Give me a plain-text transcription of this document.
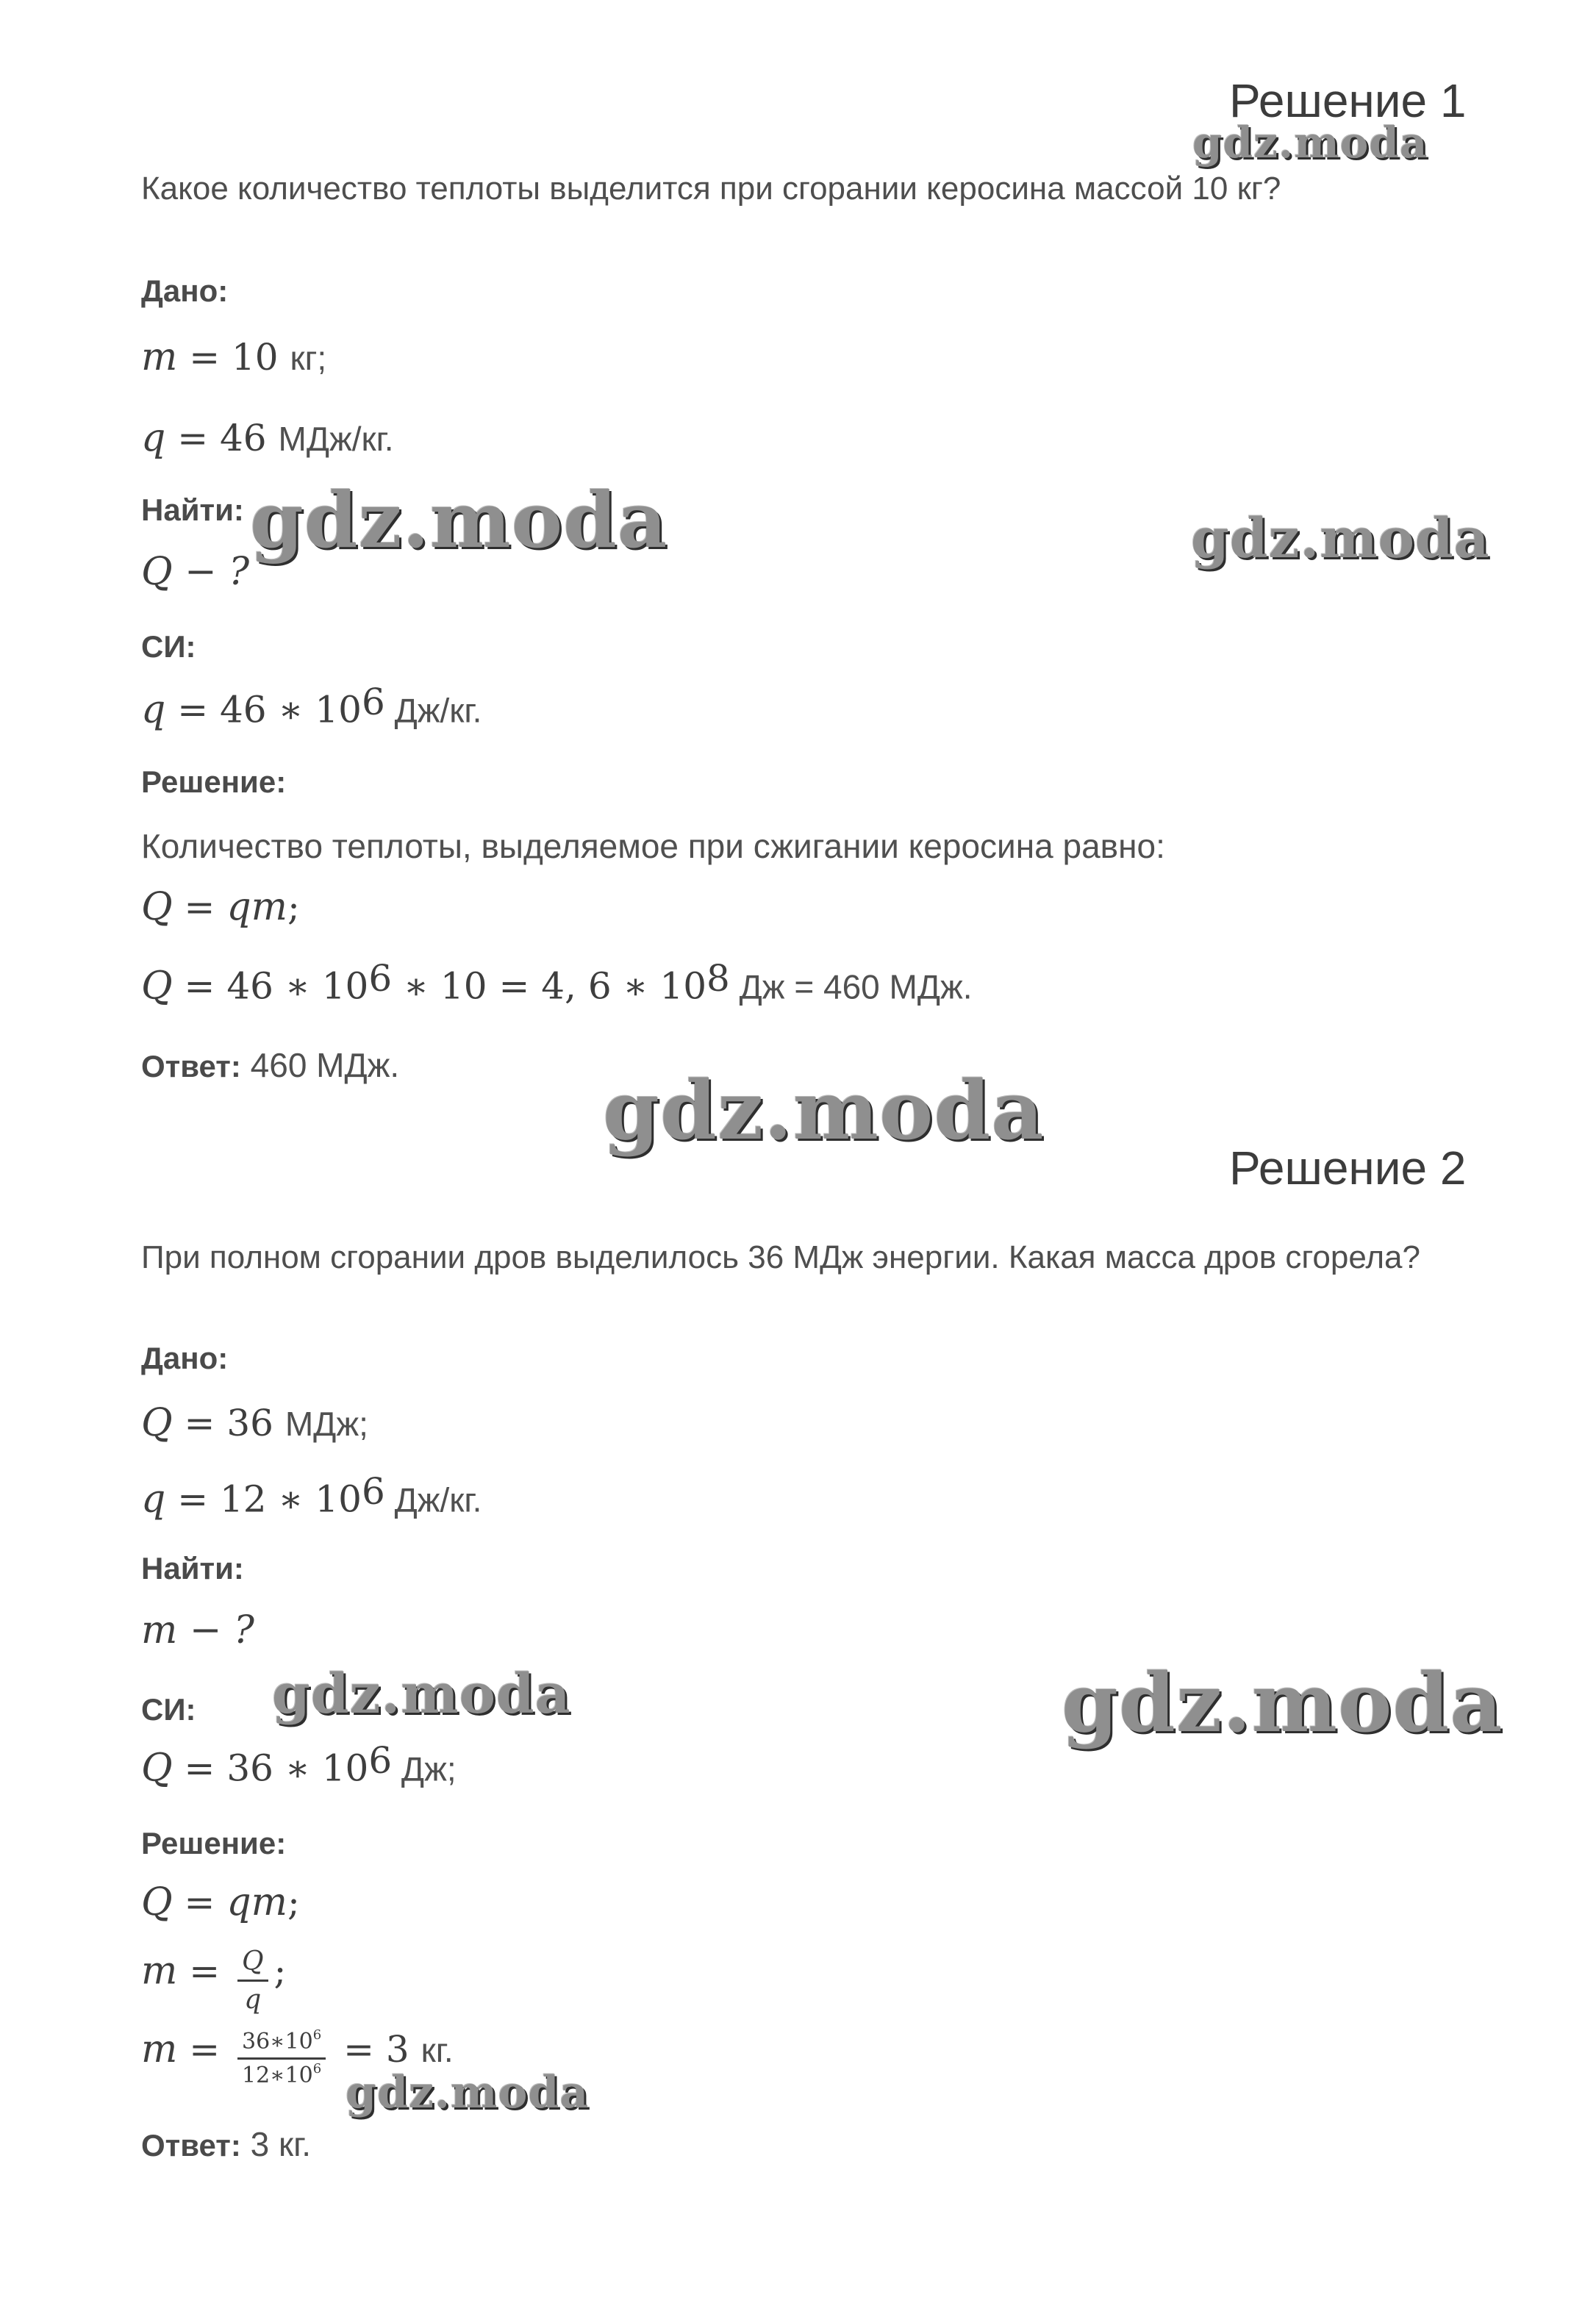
Решение 1
Какое количество теплоты выделится при сгорании керосина массой 10 кг?
Дано:
m = 10 кг;
q = 46 МДж/кг.
Найти:
Q − ?
СИ:
q = 46 ∗ $10^6$ Дж/кг.
Решение:
Количество теплоты, выделяемое при сжигании керосина равно:
Q = qm;
Q = 46 ∗ $10^6$ ∗ 10 = 4, 6 ∗ $10^8$ Дж = 460 МДж.
Ответ: 460 МДж.
Решение 2
При полном сгорании дров выделилось 36 МДж энергии. Какая масса дров сгорела?
Дано:
Q = 36 МДж;
q = 12 ∗ $10^6$ Дж/кг.
Найти:
m − ?
СИ:
Q = 36 ∗ $10^6$ Дж;
Решение:
Q = qm;
$m = \frac{Q}{q}$ ;
$m = \frac{36∗10^6}{12∗10^6} = 3$ кг.
Ответ: 3 кг.
gdz.moda
gdz.moda	gdz.moda
gdz.moda
gdz.moda	gdz.moda
gdz.moda
